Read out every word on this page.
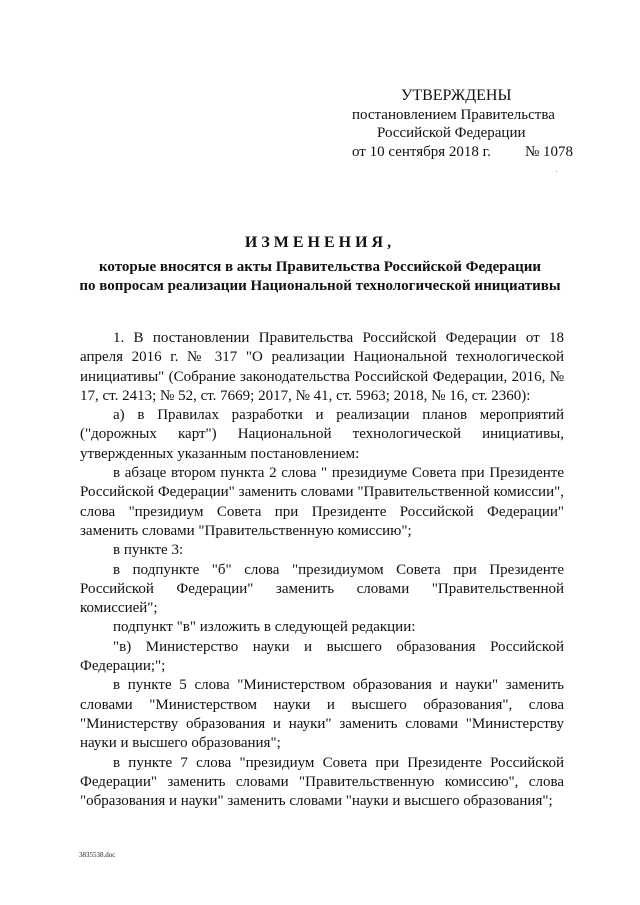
УТВЕРЖДЕНЫ
постановлением Правительства
Российской Федерации
от 10 сентября 2018 г. № 1078
ИЗМЕНЕНИЯ,
которые вносятся в акты Правительства Российской Федерации
по вопросам реализации Национальной технологической инициативы

1. В постановлении Правительства Российской Федерации от 18 апреля 2016 г. № 317 "О реализации Национальной технологической инициативы" (Собрание законодательства Российской Федерации, 2016, № 17, ст. 2413; № 52, ст. 7669; 2017, № 41, ст. 5963; 2018, № 16, ст. 2360):

а) в Правилах разработки и реализации планов мероприятий ("дорожных карт") Национальной технологической инициативы, утвержденных указанным постановлением:

в абзаце втором пункта 2 слова " президиуме Совета при Президенте Российской Федерации" заменить словами "Правительственной комиссии", слова "президиум Совета при Президенте Российской Федерации" заменить словами "Правительственную комиссию";

в пункте 3:

в подпункте "б" слова "президиумом Совета при Президенте Российской Федерации" заменить словами "Правительственной комиссией";

подпункт "в" изложить в следующей редакции:

"в) Министерство науки и высшего образования Российской Федерации;";

в пункте 5 слова "Министерством образования и науки" заменить словами "Министерством науки и высшего образования", слова "Министерству образования и науки" заменить словами "Министерству науки и высшего образования";

в пункте 7 слова "президиум Совета при Президенте Российской Федерации" заменить словами "Правительственную комиссию", слова "образования и науки" заменить словами "науки и высшего образования";

3835538.doc
